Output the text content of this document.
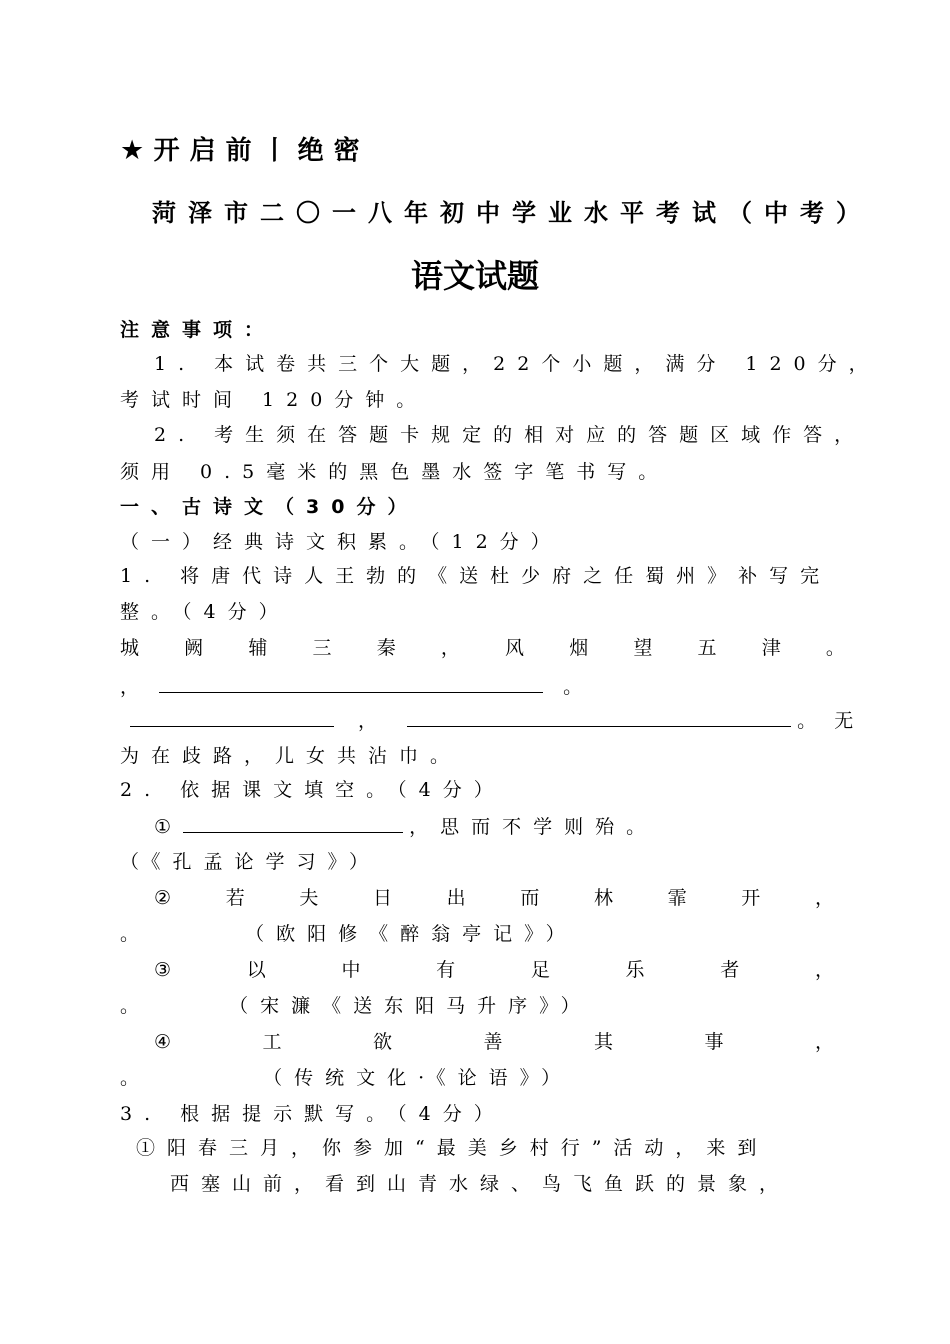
★ 开启前丨绝密
菏泽市二〇一八年初中学业水平考试（中考）
语文试题
注意事项：
1. 本试卷共三个大题，22个小题，满分 120分，
考试时间 120分钟。
2. 考生须在答题卡规定的相对应的答题区域作答，
须用 0.5毫米的黑色墨水签字笔书写。
一、古诗文（30分）
（一）经典诗文积累。（12分）
1. 将唐代诗人王勃的《送杜少府之任蜀州》补写完
整。（4分）
城 阙 辅 三 秦 ， 风 烟 望 五 津 。
，	。
，	。 无
为在歧路，儿女共沾巾。
2. 依据课文填空。（4分）
①	，思而不学则殆。
（《孔孟论学习》）
②	若	夫	日	出	而	林	霏	开	，
。	（欧阳修《醉翁亭记》）
③	以	中	有	足	乐	者	，
。	（宋濂《送东阳马升序》）
④	工	欲	善	其	事	，
。	（传统文化·《论语》）
3. 根据提示默写。（4分）
①阳春三月，你参加“最美乡村行”活动，来到
西塞山前，看到山青水绿、鸟飞鱼跃的景象，
